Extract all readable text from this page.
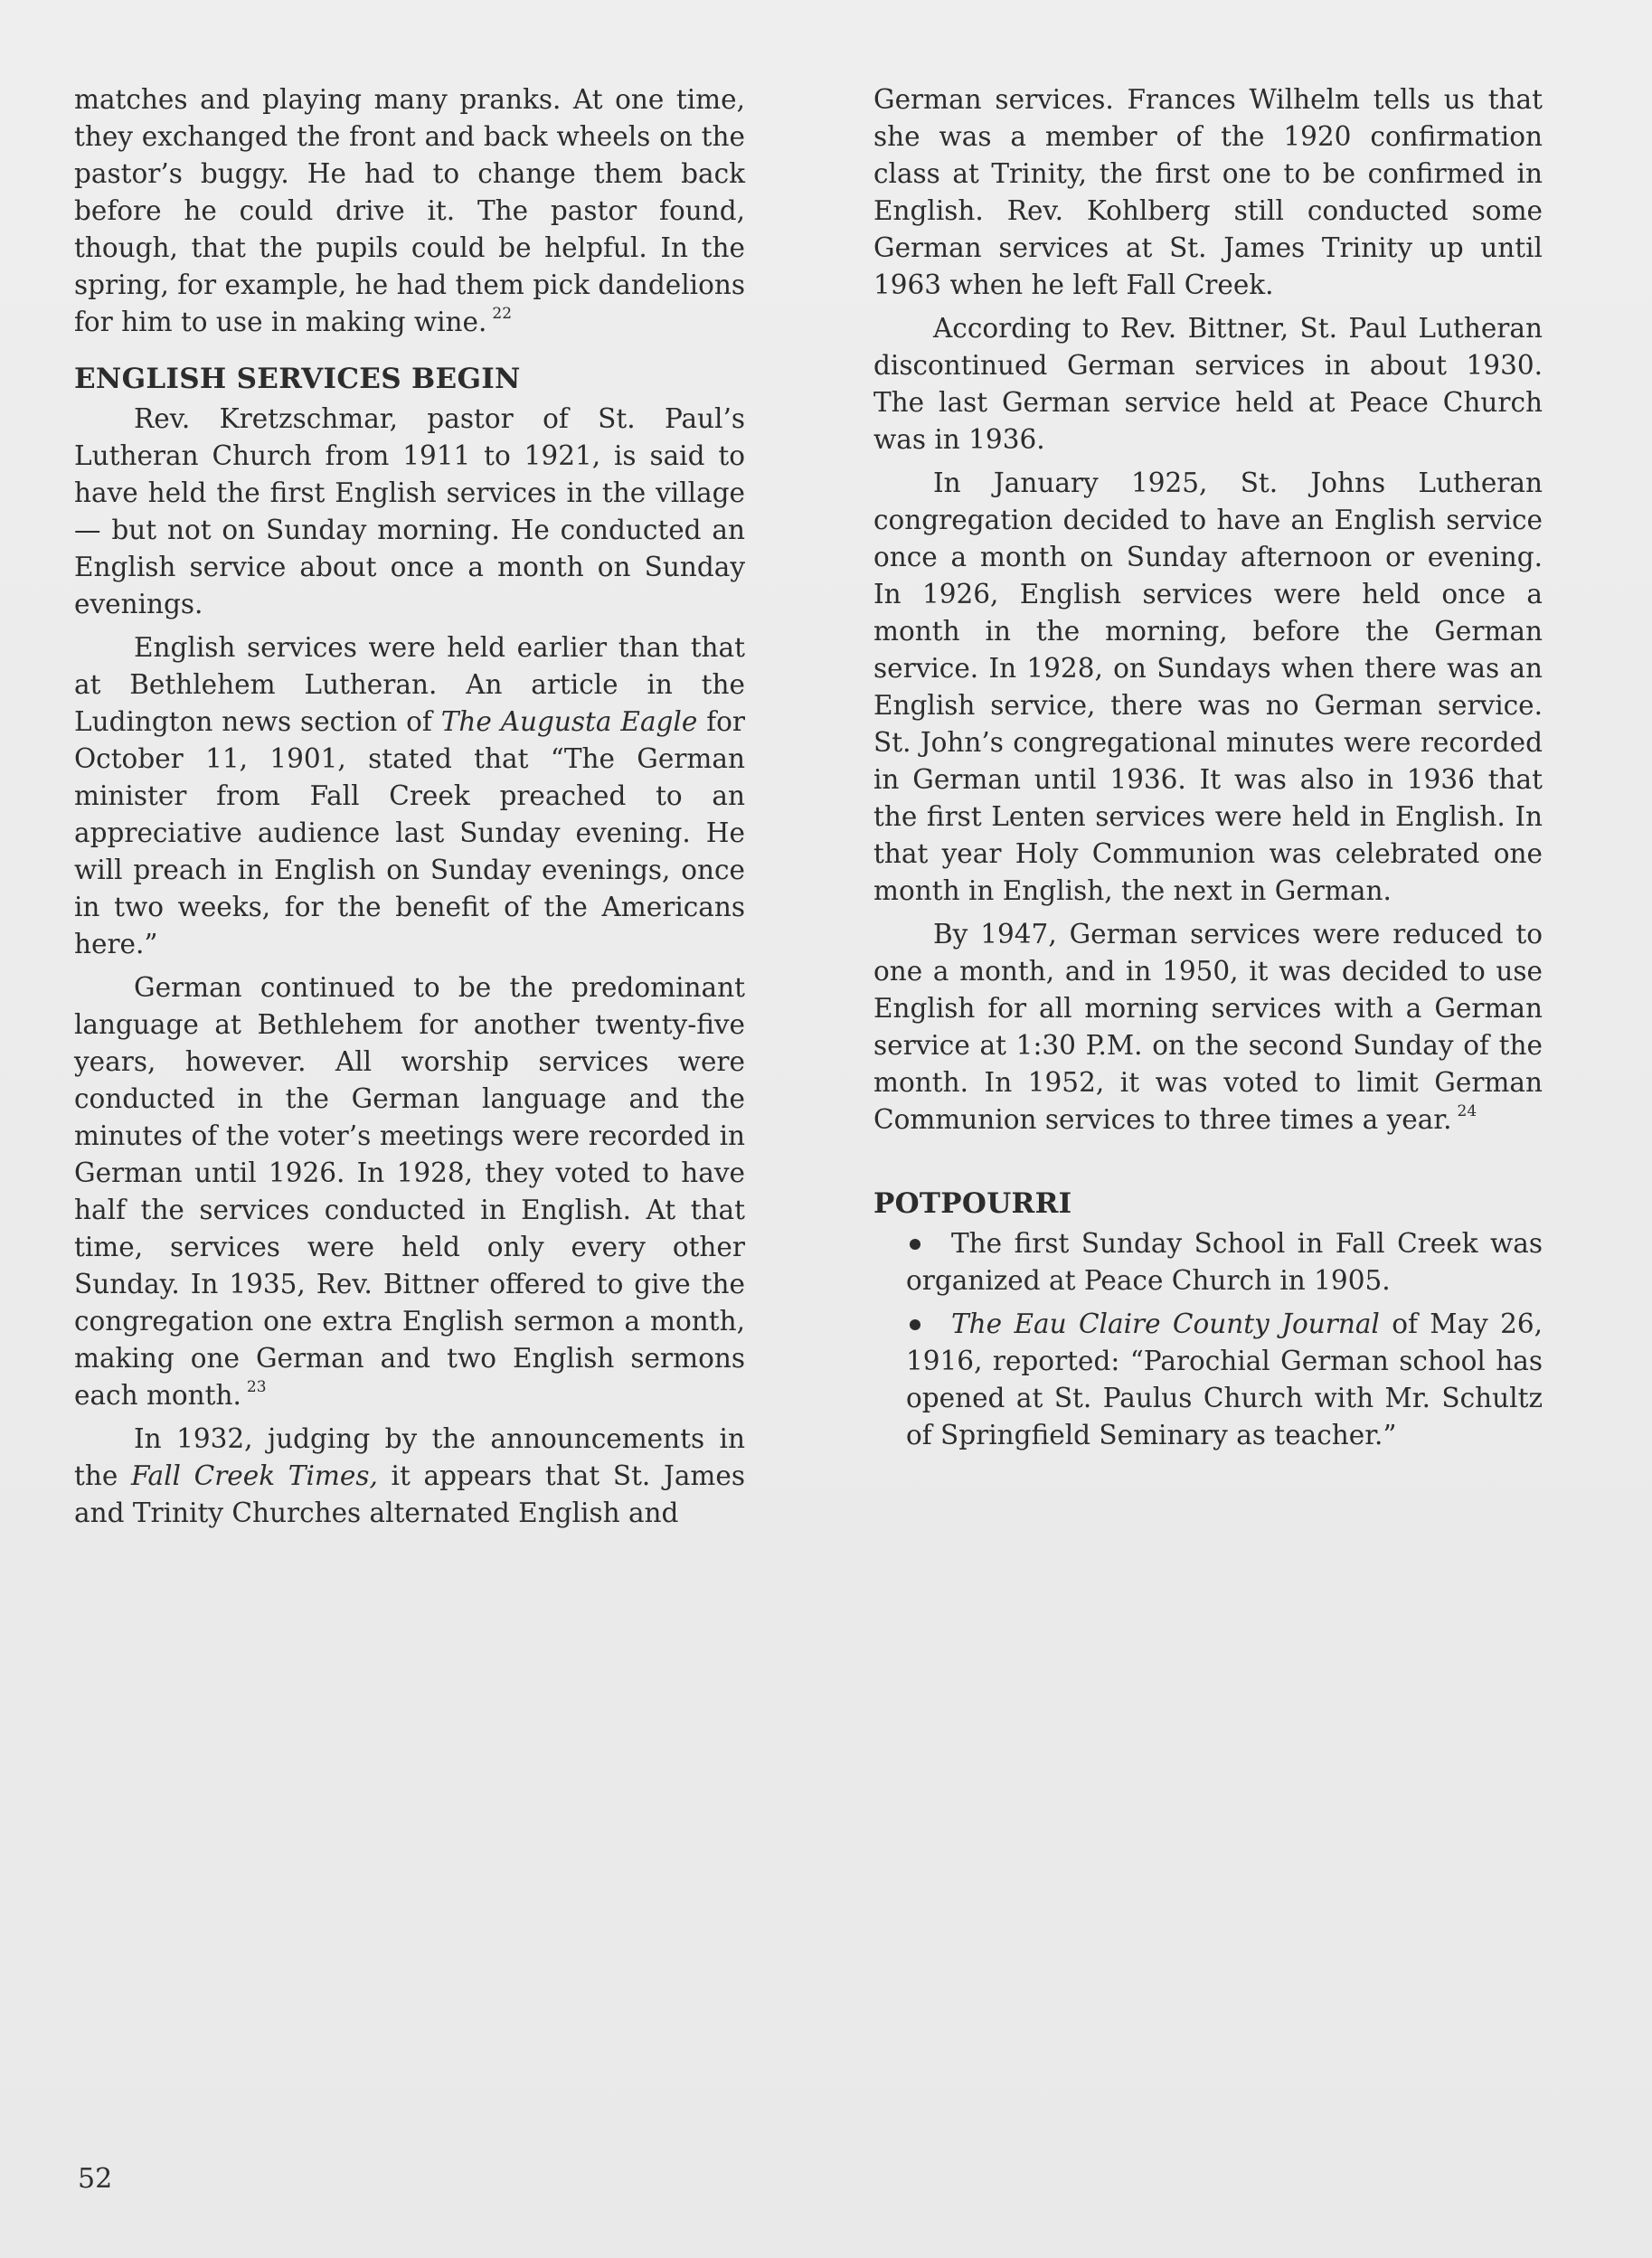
matches and playing many pranks. At one time, they exchanged the front and back wheels on the pastor’s buggy. He had to change them back before he could drive it. The pastor found, though, that the pupils could be helpful. In the spring, for example, he had them pick dandelions for him to use in making wine. $^{22}$

ENGLISH SERVICES BEGIN

Rev. Kretzschmar, pastor of St. Paul’s Lutheran Church from 1911 to 1921, is said to have held the first English services in the village — but not on Sunday morning. He conducted an English service about once a month on Sunday evenings.

English services were held earlier than that at Bethlehem Lutheran. An article in the Ludington news section of The Augusta Eagle for October 11, 1901, stated that “The German minister from Fall Creek preached to an appreciative audience last Sunday evening. He will preach in English on Sunday evenings, once in two weeks, for the benefit of the Americans here.”

German continued to be the predominant language at Bethlehem for another twenty-five years, however. All worship services were conducted in the German language and the minutes of the voter’s meetings were recorded in German until 1926. In 1928, they voted to have half the services conducted in English. At that time, services were held only every other Sunday. In 1935, Rev. Bittner offered to give the congregation one extra English sermon a month, making one German and two English sermons each month. $^{23}$

In 1932, judging by the announcements in the Fall Creek Times, it appears that St. James and Trinity Churches alternated English and

German services. Frances Wilhelm tells us that she was a member of the 1920 confirmation class at Trinity, the first one to be confirmed in English. Rev. Kohlberg still conducted some German services at St. James Trinity up until 1963 when he left Fall Creek.

According to Rev. Bittner, St. Paul Lutheran discontinued German services in about 1930. The last German service held at Peace Church was in 1936.

In January 1925, St. Johns Lutheran congregation decided to have an English service once a month on Sunday afternoon or evening. In 1926, English services were held once a month in the morning, before the German service. In 1928, on Sundays when there was an English service, there was no German service. St. John’s congregational minutes were recorded in German until 1936. It was also in 1936 that the first Lenten services were held in English. In that year Holy Communion was celebrated one month in English, the next in German.

By 1947, German services were reduced to one a month, and in 1950, it was decided to use English for all morning services with a German service at 1:30 P.M. on the second Sunday of the month. In 1952, it was voted to limit German Communion services to three times a year. $^{24}$

POTPOURRI

The first Sunday School in Fall Creek was organized at Peace Church in 1905.

The Eau Claire County Journal of May 26, 1916, reported: “Parochial German school has opened at St. Paulus Church with Mr. Schultz of Springfield Seminary as teacher.”

52
